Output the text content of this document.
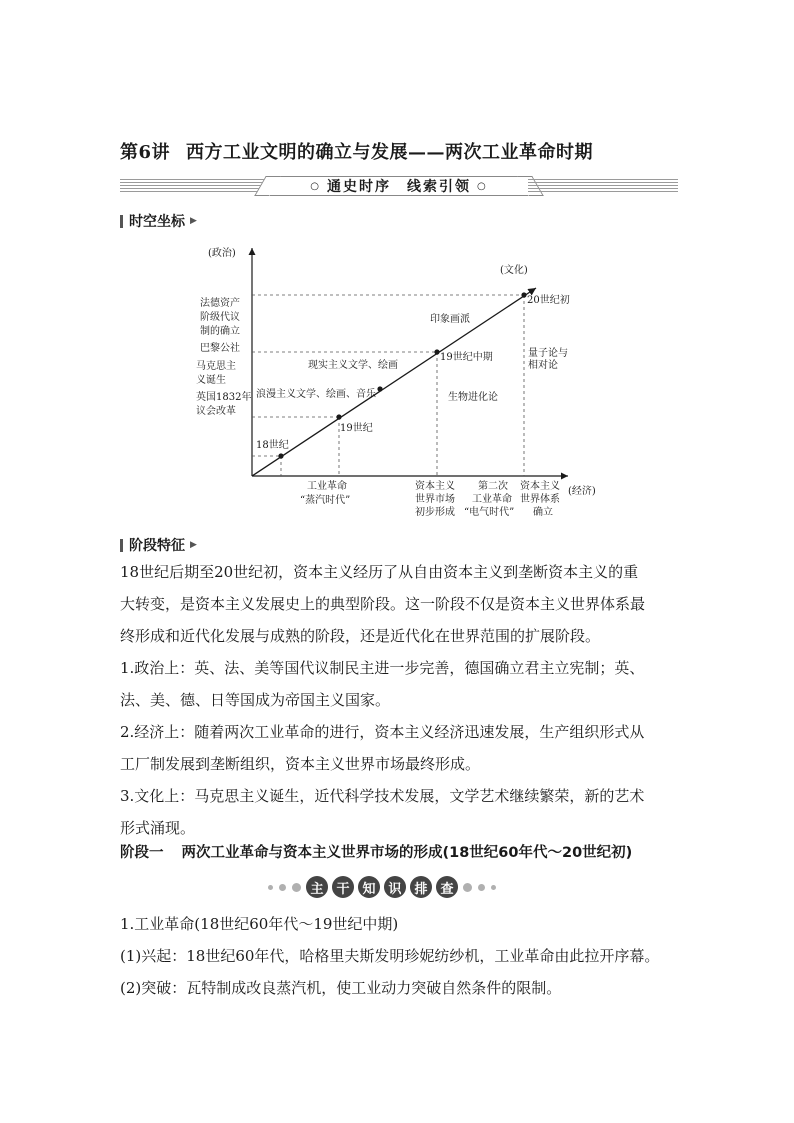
第6讲 西方工业文明的确立与发展——两次工业革命时期
○ 通史时序　线索引领 ○
时空坐标 ▶
(政治)
(文化)
(经济)
法德资产
阶级代议
制的确立
巴黎公社
马克思主
义诞生
英国1832年
议会改革
18世纪
19世纪
19世纪中期
20世纪初
印象画派
现实主义文学、绘画
浪漫主义文学、绘画、音乐	生物进化论
量子论与
相对论
工业革命
“蒸汽时代”
资本主义
世界市场
初步形成
第二次
工业革命
“电气时代”
资本主义
世界体系
确立
阶段特征 ▶
18世纪后期至20世纪初，资本主义经历了从自由资本主义到垄断资本主义的重
大转变，是资本主义发展史上的典型阶段。这一阶段不仅是资本主义世界体系最
终形成和近代化发展与成熟的阶段，还是近代化在世界范围的扩展阶段。
1.政治上：英、法、美等国代议制民主进一步完善，德国确立君主立宪制；英、
法、美、德、日等国成为帝国主义国家。
2.经济上：随着两次工业革命的进行，资本主义经济迅速发展，生产组织形式从
工厂制发展到垄断组织，资本主义世界市场最终形成。
3.文化上：马克思主义诞生，近代科学技术发展，文学艺术继续繁荣，新的艺术
形式涌现。
阶段一 两次工业革命与资本主义世界市场的形成(18世纪60年代～20世纪初)
主 干 知 识 排 查
1.工业革命(18世纪60年代～19世纪中期)
(1)兴起：18世纪60年代，哈格里夫斯发明珍妮纺纱机，工业革命由此拉开序幕。
(2)突破：瓦特制成改良蒸汽机，使工业动力突破自然条件的限制。
